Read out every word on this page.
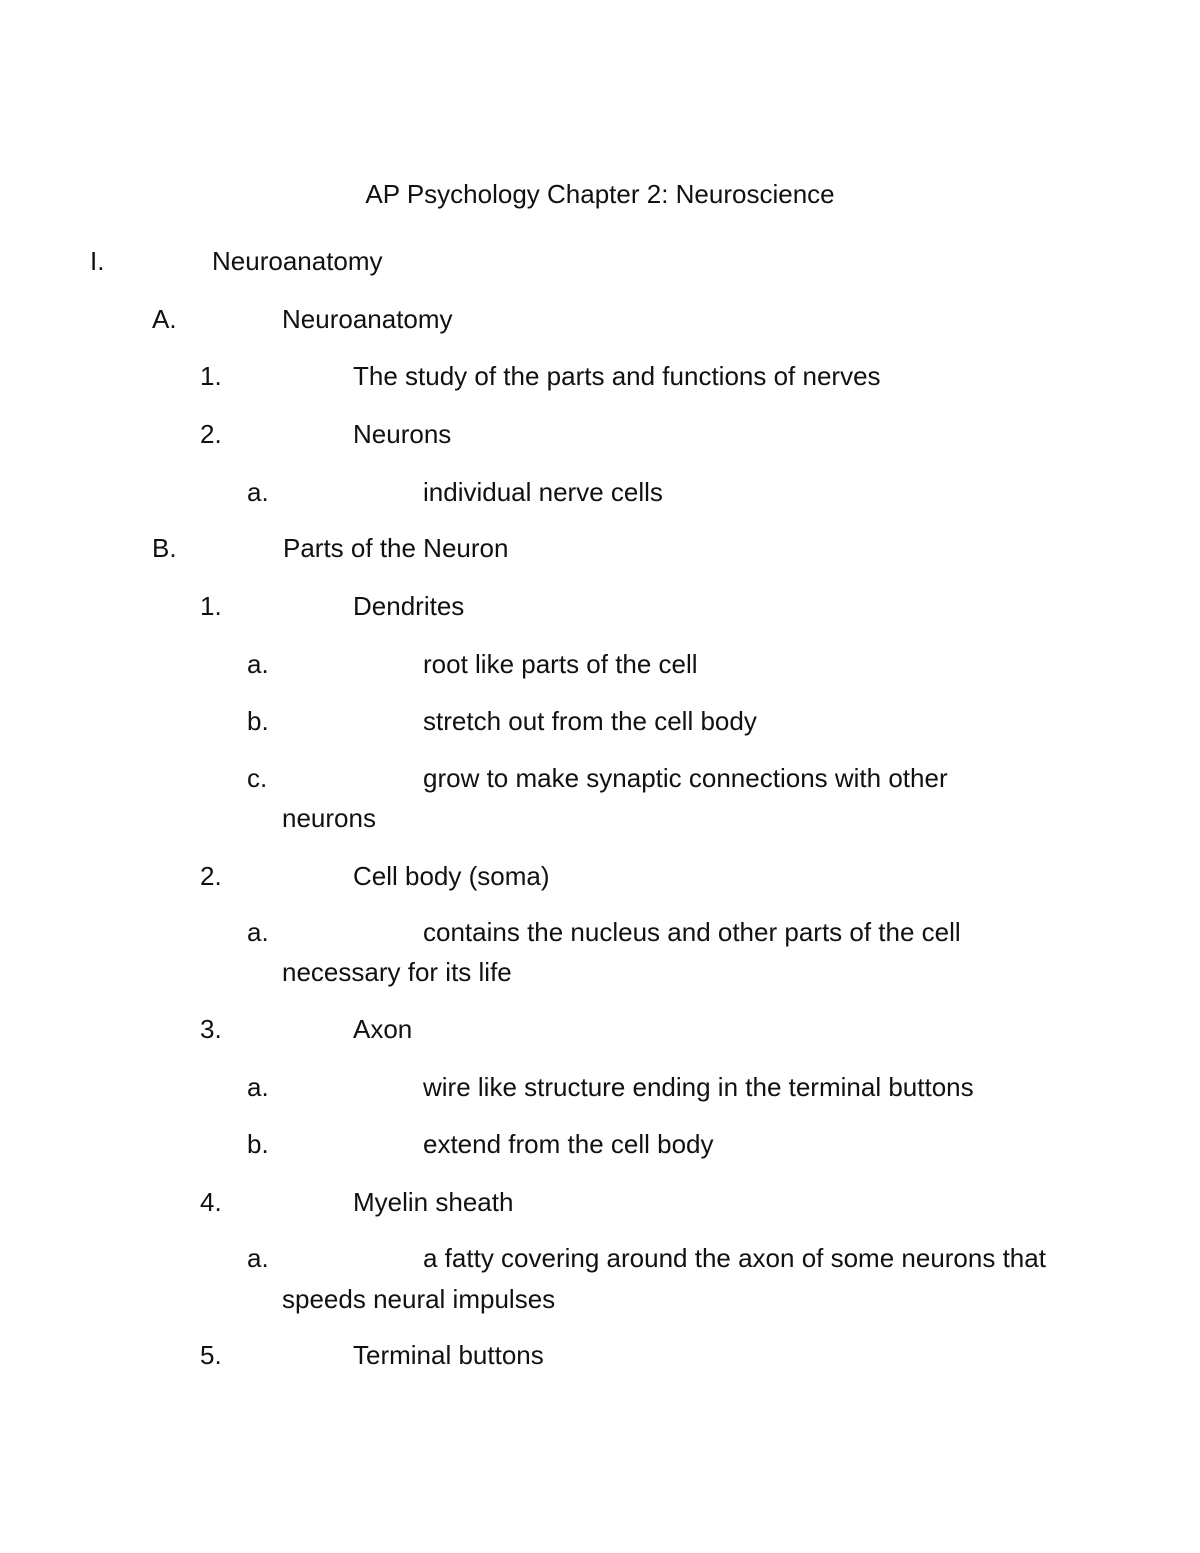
AP Psychology Chapter 2: Neuroscience
I.	Neuroanatomy
A.	Neuroanatomy
1.	The study of the parts and functions of nerves
2.	Neurons
a.	individual nerve cells
B.	Parts of the Neuron
1.	Dendrites
a.	root like parts of the cell
b.	stretch out from the cell body
c.	grow to make synaptic connections with other
neurons
2.	Cell body (soma)
a.	contains the nucleus and other parts of the cell
necessary for its life
3.	Axon
a.	wire like structure ending in the terminal buttons
b.	extend from the cell body
4.	Myelin sheath
a.	a fatty covering around the axon of some neurons that
speeds neural impulses
5.	Terminal buttons
